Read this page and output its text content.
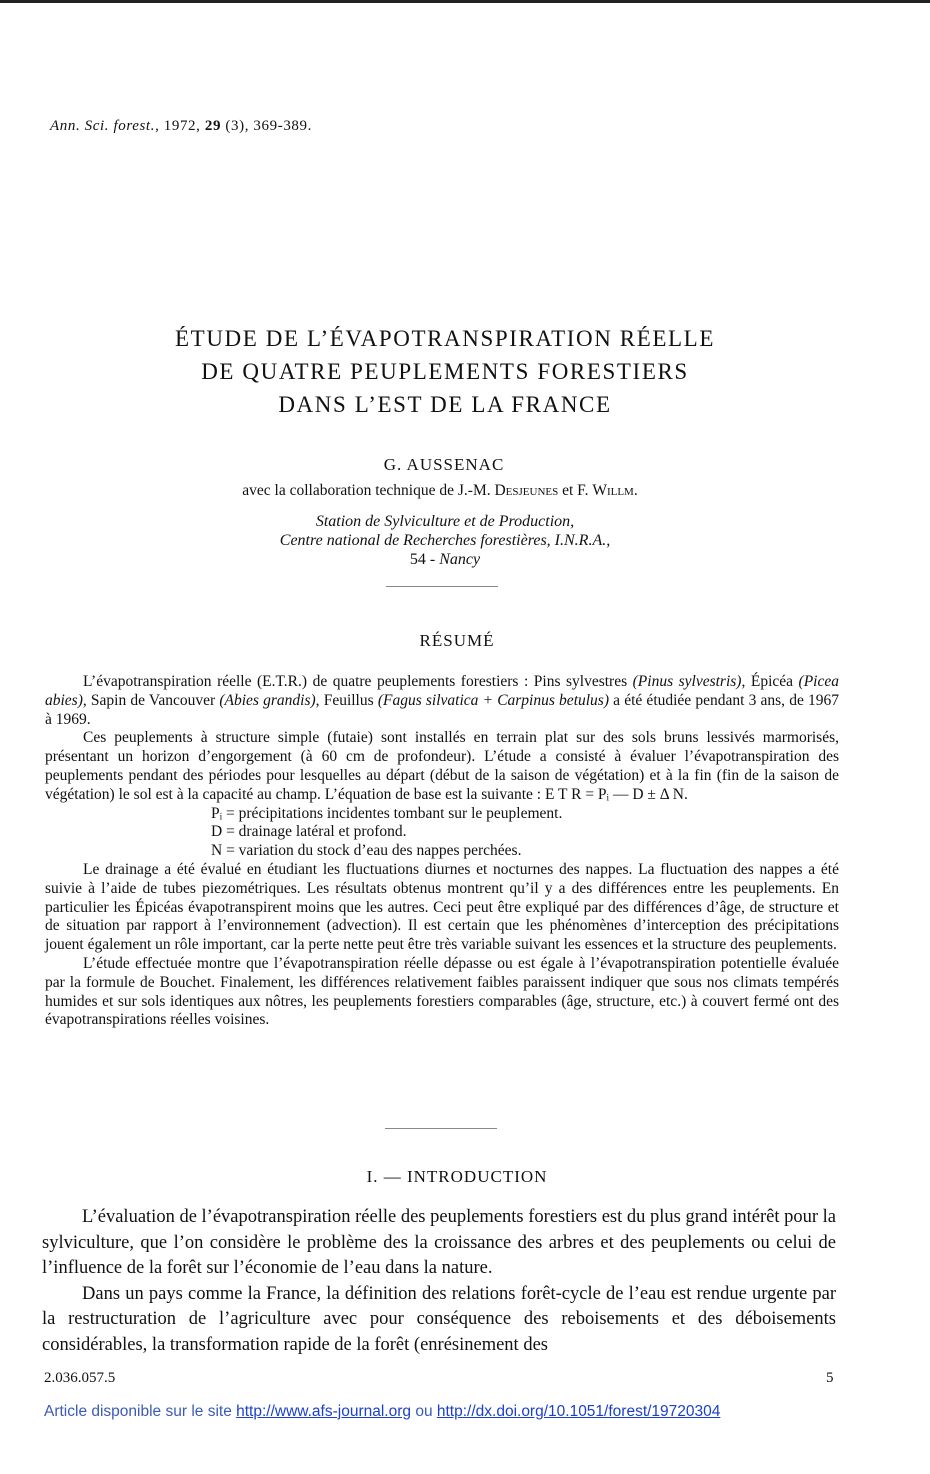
Ann. Sci. forest., 1972, 29 (3), 369-389.
ÉTUDE DE L’ÉVAPOTRANSPIRATION RÉELLE
DE QUATRE PEUPLEMENTS FORESTIERS
DANS L’EST DE LA FRANCE
G. AUSSENAC
avec la collaboration technique de J.-M. Desjeunes et F. Willm.
Station de Sylviculture et de Production,
Centre national de Recherches forestières, I.N.R.A.,
54 - Nancy
RÉSUMÉ

L’évapotranspiration réelle (E.T.R.) de quatre peuplements forestiers : Pins sylvestres (Pinus sylvestris), Épicéa (Picea abies), Sapin de Vancouver (Abies grandis), Feuillus (Fagus silvatica + Carpinus betulus) a été étudiée pendant 3 ans, de 1967 à 1969.

Ces peuplements à structure simple (futaie) sont installés en terrain plat sur des sols bruns lessivés marmorisés, présentant un horizon d’engorgement (à 60 cm de profondeur). L’étude a consisté à évaluer l’évapotranspiration des peuplements pendant des périodes pour lesquelles au départ (début de la saison de végétation) et à la fin (fin de la saison de végétation) le sol est à la capacité au champ. L’équation de base est la suivante : E T R = Pᵢ — D ± Δ N.

Pᵢ = précipitations incidentes tombant sur le peuplement.

D = drainage latéral et profond.

N = variation du stock d’eau des nappes perchées.

Le drainage a été évalué en étudiant les fluctuations diurnes et nocturnes des nappes. La fluctuation des nappes a été suivie à l’aide de tubes piezométriques. Les résultats obtenus montrent qu’il y a des différences entre les peuplements. En particulier les Épicéas évapotranspirent moins que les autres. Ceci peut être expliqué par des différences d’âge, de structure et de situation par rapport à l’environnement (advection). Il est certain que les phénomènes d’interception des précipitations jouent également un rôle important, car la perte nette peut être très variable suivant les essences et la structure des peuplements.

L’étude effectuée montre que l’évapotranspiration réelle dépasse ou est égale à l’évapotranspiration potentielle évaluée par la formule de Bouchet. Finalement, les différences relativement faibles paraissent indiquer que sous nos climats tempérés humides et sur sols identiques aux nôtres, les peuplements forestiers comparables (âge, structure, etc.) à couvert fermé ont des évapotranspirations réelles voisines.

I. — INTRODUCTION

L’évaluation de l’évapotranspiration réelle des peuplements forestiers est du plus grand intérêt pour la sylviculture, que l’on considère le problème des la croissance des arbres et des peuplements ou celui de l’influence de la forêt sur l’économie de l’eau dans la nature.

Dans un pays comme la France, la définition des relations forêt-cycle de l’eau est rendue urgente par la restructuration de l’agriculture avec pour conséquence des reboisements et des déboisements considérables, la transformation rapide de la forêt (enrésinement des

2.036.057.5	5
Article disponible sur le site http://www.afs-journal.org ou http://dx.doi.org/10.1051/forest/19720304
